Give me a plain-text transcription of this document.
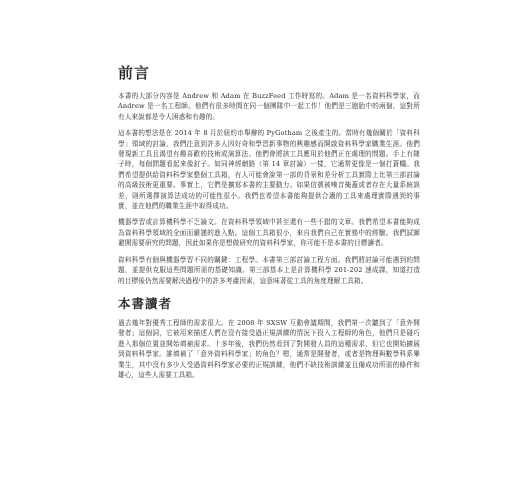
前言

本書的大部分內容是 Andrew 和 Adam 在 BuzzFeed 工作時寫的。Adam 是一名資料科學家，而 Andrew 是一名工程師。他們有很多時間在同一個團隊中一起工作！他們是三胞胎中的兩個，這對所有人來說都是令人困惑和有趣的。

這本書的想法是在 2014 年 8 月於紐約市舉辦的 PyGotham 之後產生的。當時有幾個關於「資料科學」領域的討論，我們注意到許多人因好奇和學習新事物的興趣感而開啟資料科學家職業生涯。他們發現新工具且渴望有趣喜歡的技術或演算法。他們會將該工具應用於他們正在處理的問題。手上有鎚子時，每個問題看起來像釘子。如同神經網路（第 14 章討論）一樣，它通常更像是一個打蒼蠅。我們希望提供給資料科學家整個工具箱，有人可能會說第一部的背景和差分析工具實際上比第三部討論的高級技術更重要。事實上，它們是擴寫本書的主要動力。如果信號被噪音掩蓋或者存在大量系統誤差，則所選擇演算法成功的可能性很小。我們也希望本書能夠提供合適的工具來處理實際遇到的事實，並在他們的職業生涯中取得成功。

機器學習或計算機科學不乏論文。在資料科學領域中甚至還有一些不錯的文章。我們希望本書能夠成為資料科學領域的全面而嚴謹的進入點。這個工具箱很小，來自我們自己在實務中的經驗。我們試圖避開需要研究的問題，因此如果你是想做研究的資料科學家，你可能不是本書的目標讀者。

資料科學有個與機器學習不同的關鍵：工程學。本書第三部討論工程方面。我們將討論可能遇到的問題，並提供克服這些問題所需的基礎知識。第三部基本上是計算機科學 201-202 速成課，知道打造的目標後仍然需要解決過程中的許多考慮因素，這意味著從工具的角度理解工具箱。

本書讀者

過去幾年對優秀工程師的需求很大。在 2008 年 SXSW 互動會議期間，我們第一次聽到了「意外開發者」這個詞，它被用來描述人們在沒有接受過正規訓練的情況下投入工程師的角色，他們只是碰巧進入那個位置並開始填補需求。十多年後，我們仍然看到了對開發人員的這種需求，但它也開始擴展到資料科學家。誰填補了「意外資料科學家」的角色？嗯，通常是開發者，或者是物理與數學科系畢業生，其中沒有多少人受過資料科學家必要的正規訓練，他們不缺技術訓練並且備成功所需的條件和雄心，這些人需要工具箱。
